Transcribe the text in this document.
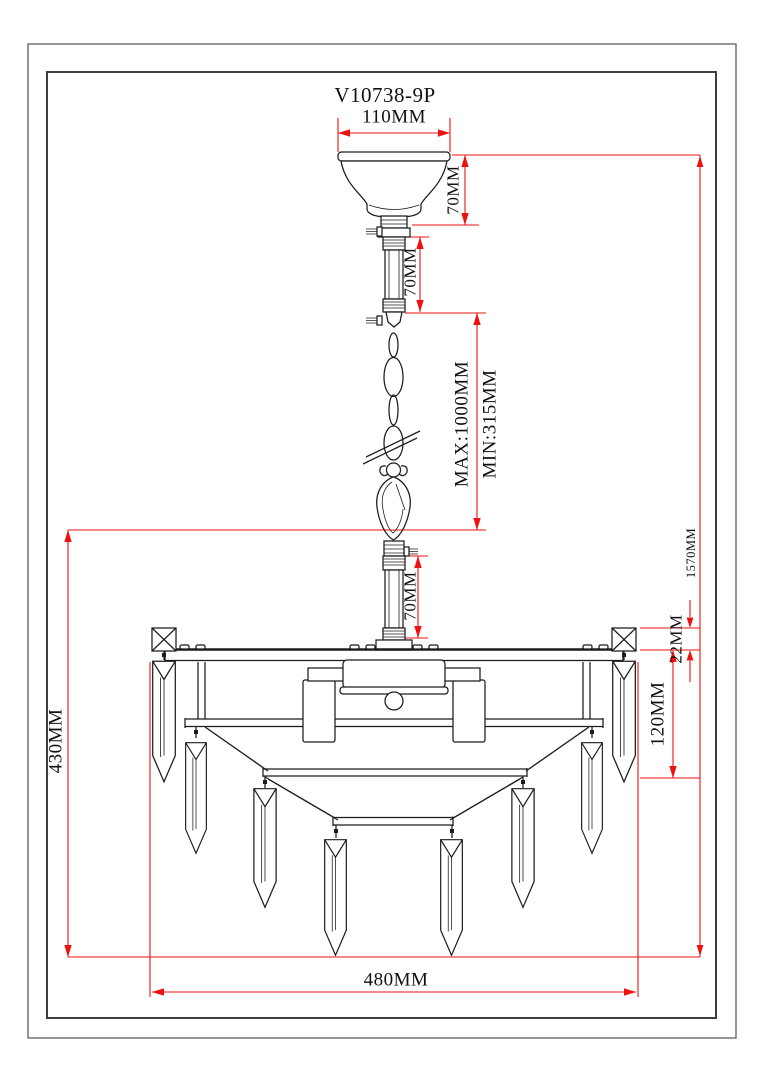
V10738-9P
110MM
70MM
70MM
MAX:1000MM MIN:315MM
70MM
1570MM
22MM
120MM
430MM
480MM
